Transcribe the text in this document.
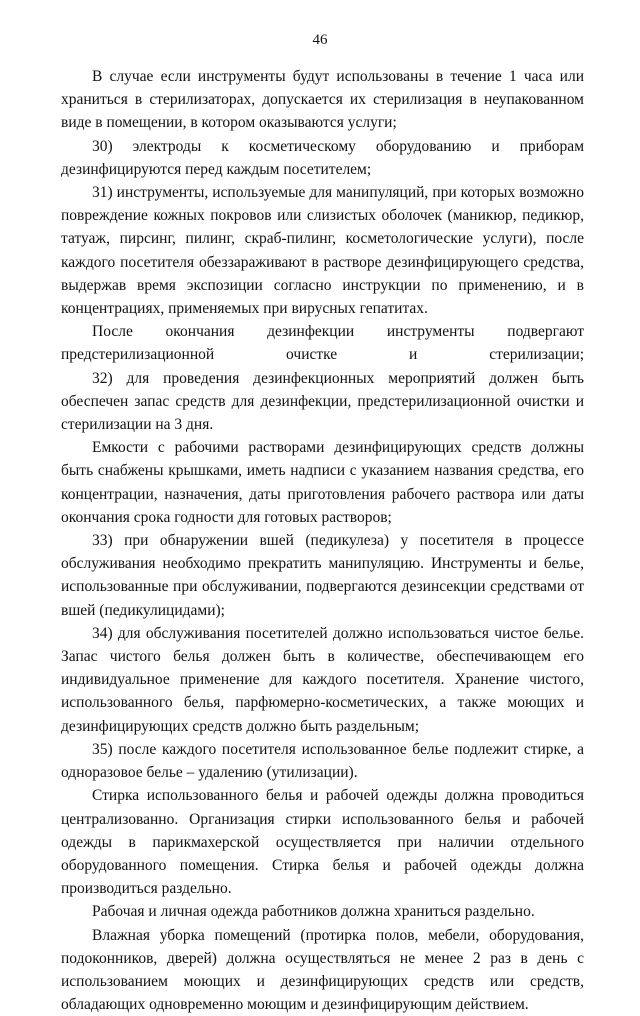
46

В случае если инструменты будут использованы в течение 1 часа или храниться в стерилизаторах, допускается их стерилизация в неупакованном виде в помещении, в котором оказываются услуги;

30) электроды к косметическому оборудованию и приборам дезинфицируются перед каждым посетителем;

31) инструменты, используемые для манипуляций, при которых возможно повреждение кожных покровов или слизистых оболочек (маникюр, педикюр, татуаж, пирсинг, пилинг, скраб-пилинг, косметологические услуги), после каждого посетителя обеззараживают в растворе дезинфицирующего средства, выдержав время экспозиции согласно инструкции по применению, и в концентрациях, применяемых при вирусных гепатитах.

После окончания дезинфекции инструменты подвергают предстерилизационной очистке и стерилизации;

32) для проведения дезинфекционных мероприятий должен быть обеспечен запас средств для дезинфекции, предстерилизационной очистки и стерилизации на 3 дня.

Емкости с рабочими растворами дезинфицирующих средств должны быть снабжены крышками, иметь надписи с указанием названия средства, его концентрации, назначения, даты приготовления рабочего раствора или даты окончания срока годности для готовых растворов;

33) при обнаружении вшей (педикулеза) у посетителя в процессе обслуживания необходимо прекратить манипуляцию. Инструменты и белье, использованные при обслуживании, подвергаются дезинсекции средствами от вшей (педикулицидами);

34) для обслуживания посетителей должно использоваться чистое белье. Запас чистого белья должен быть в количестве, обеспечивающем его индивидуальное применение для каждого посетителя. Хранение чистого, использованного белья, парфюмерно-косметических, а также моющих и дезинфицирующих средств должно быть раздельным;

35) после каждого посетителя использованное белье подлежит стирке, а одноразовое белье – удалению (утилизации).

Стирка использованного белья и рабочей одежды должна проводиться централизованно. Организация стирки использованного белья и рабочей одежды в парикмахерской осуществляется при наличии отдельного оборудованного помещения. Стирка белья и рабочей одежды должна производиться раздельно.

Рабочая и личная одежда работников должна храниться раздельно.

Влажная уборка помещений (протирка полов, мебели, оборудования, подоконников, дверей) должна осуществляться не менее 2 раз в день с использованием моющих и дезинфицирующих средств или средств, обладающих одновременно моющим и дезинфицирующим действием.
